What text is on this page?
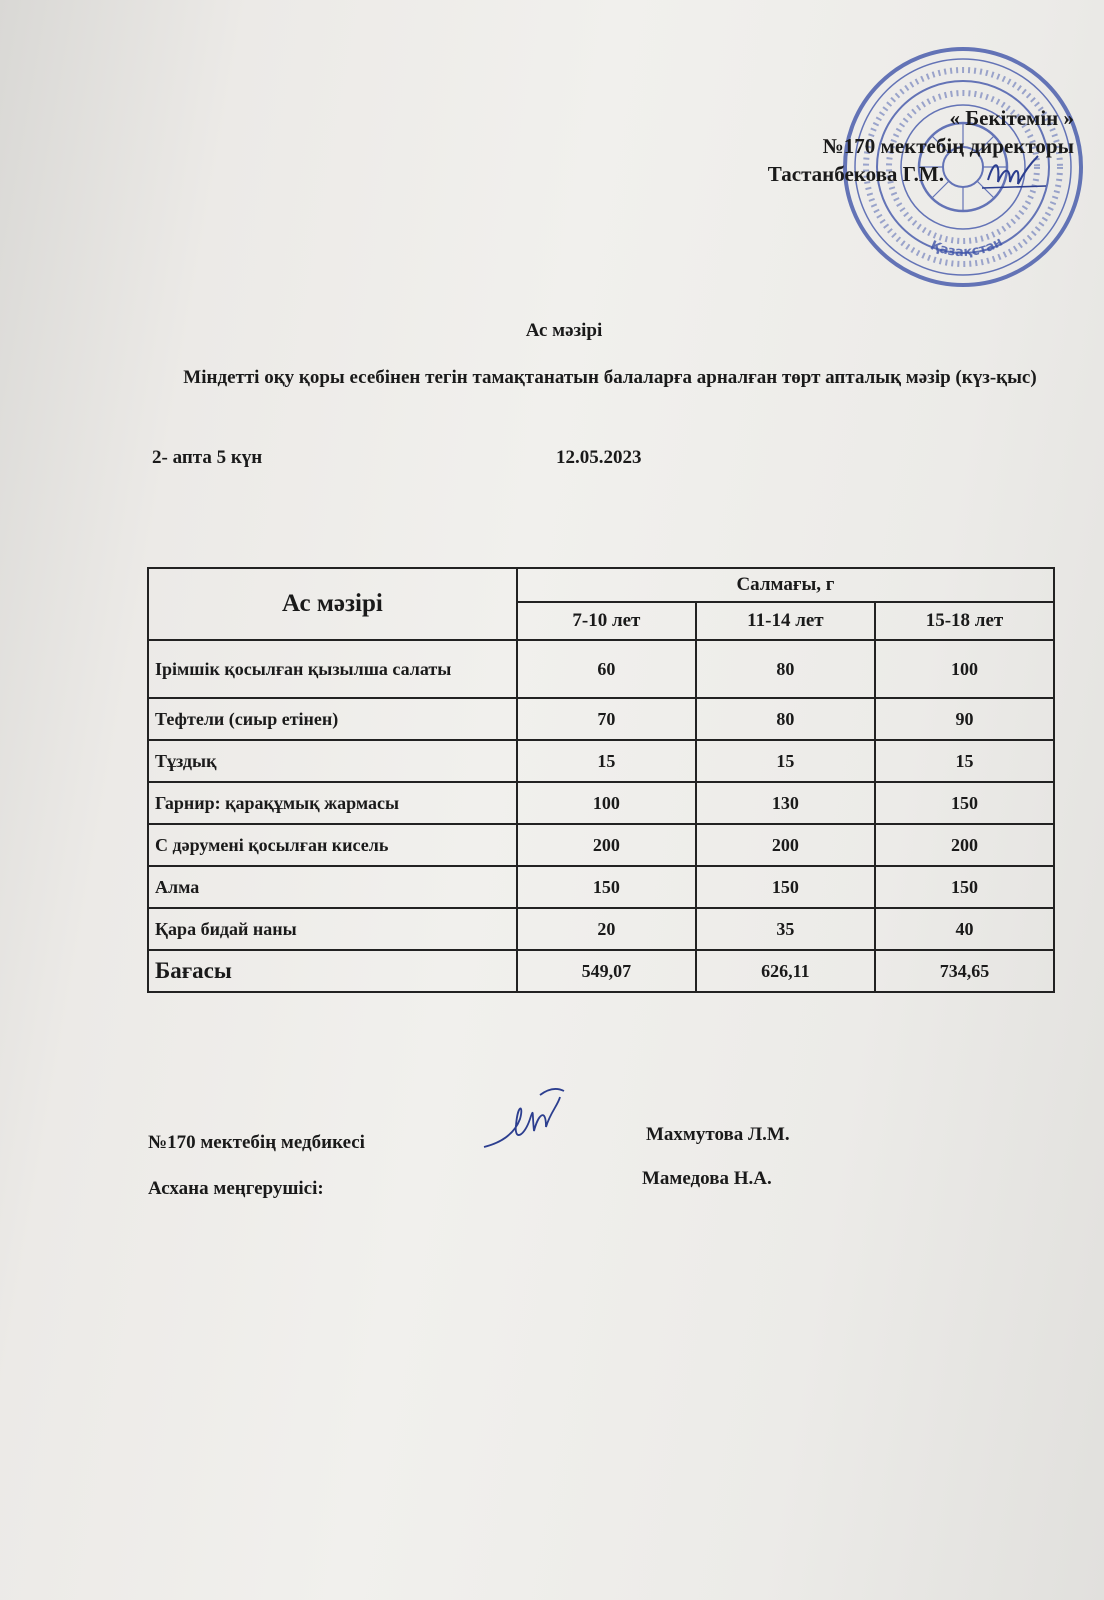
Қазақстан
« Бекітемін »
№170 мектебің директоры
Тастанбекова Г.М.
Ас мәзірі
Міндетті оқу қоры есебінен тегін тамақтанатын балаларға арналған төрт апталық мәзір (күз-қыс)
2- апта 5 күн	12.05.2023
Ас мәзірі	Салмағы, г		
	7-10 лет	11-14 лет	15-18 лет
Ірімшік қосылған қызылша салаты	60	80	100
Тефтели (сиыр етінен)	70	80	90
Тұздық	15	15	15
Гарнир: қарақұмық жармасы	100	130	150
С дәрумені қосылған кисель	200	200	200
Алма	150	150	150
Қара бидай наны	20	35	40
Бағасы	549,07	626,11	734,65
№170 мектебің медбикесі	Махмутова Л.М.
Асхана меңгерушісі:	Мамедова Н.А.
